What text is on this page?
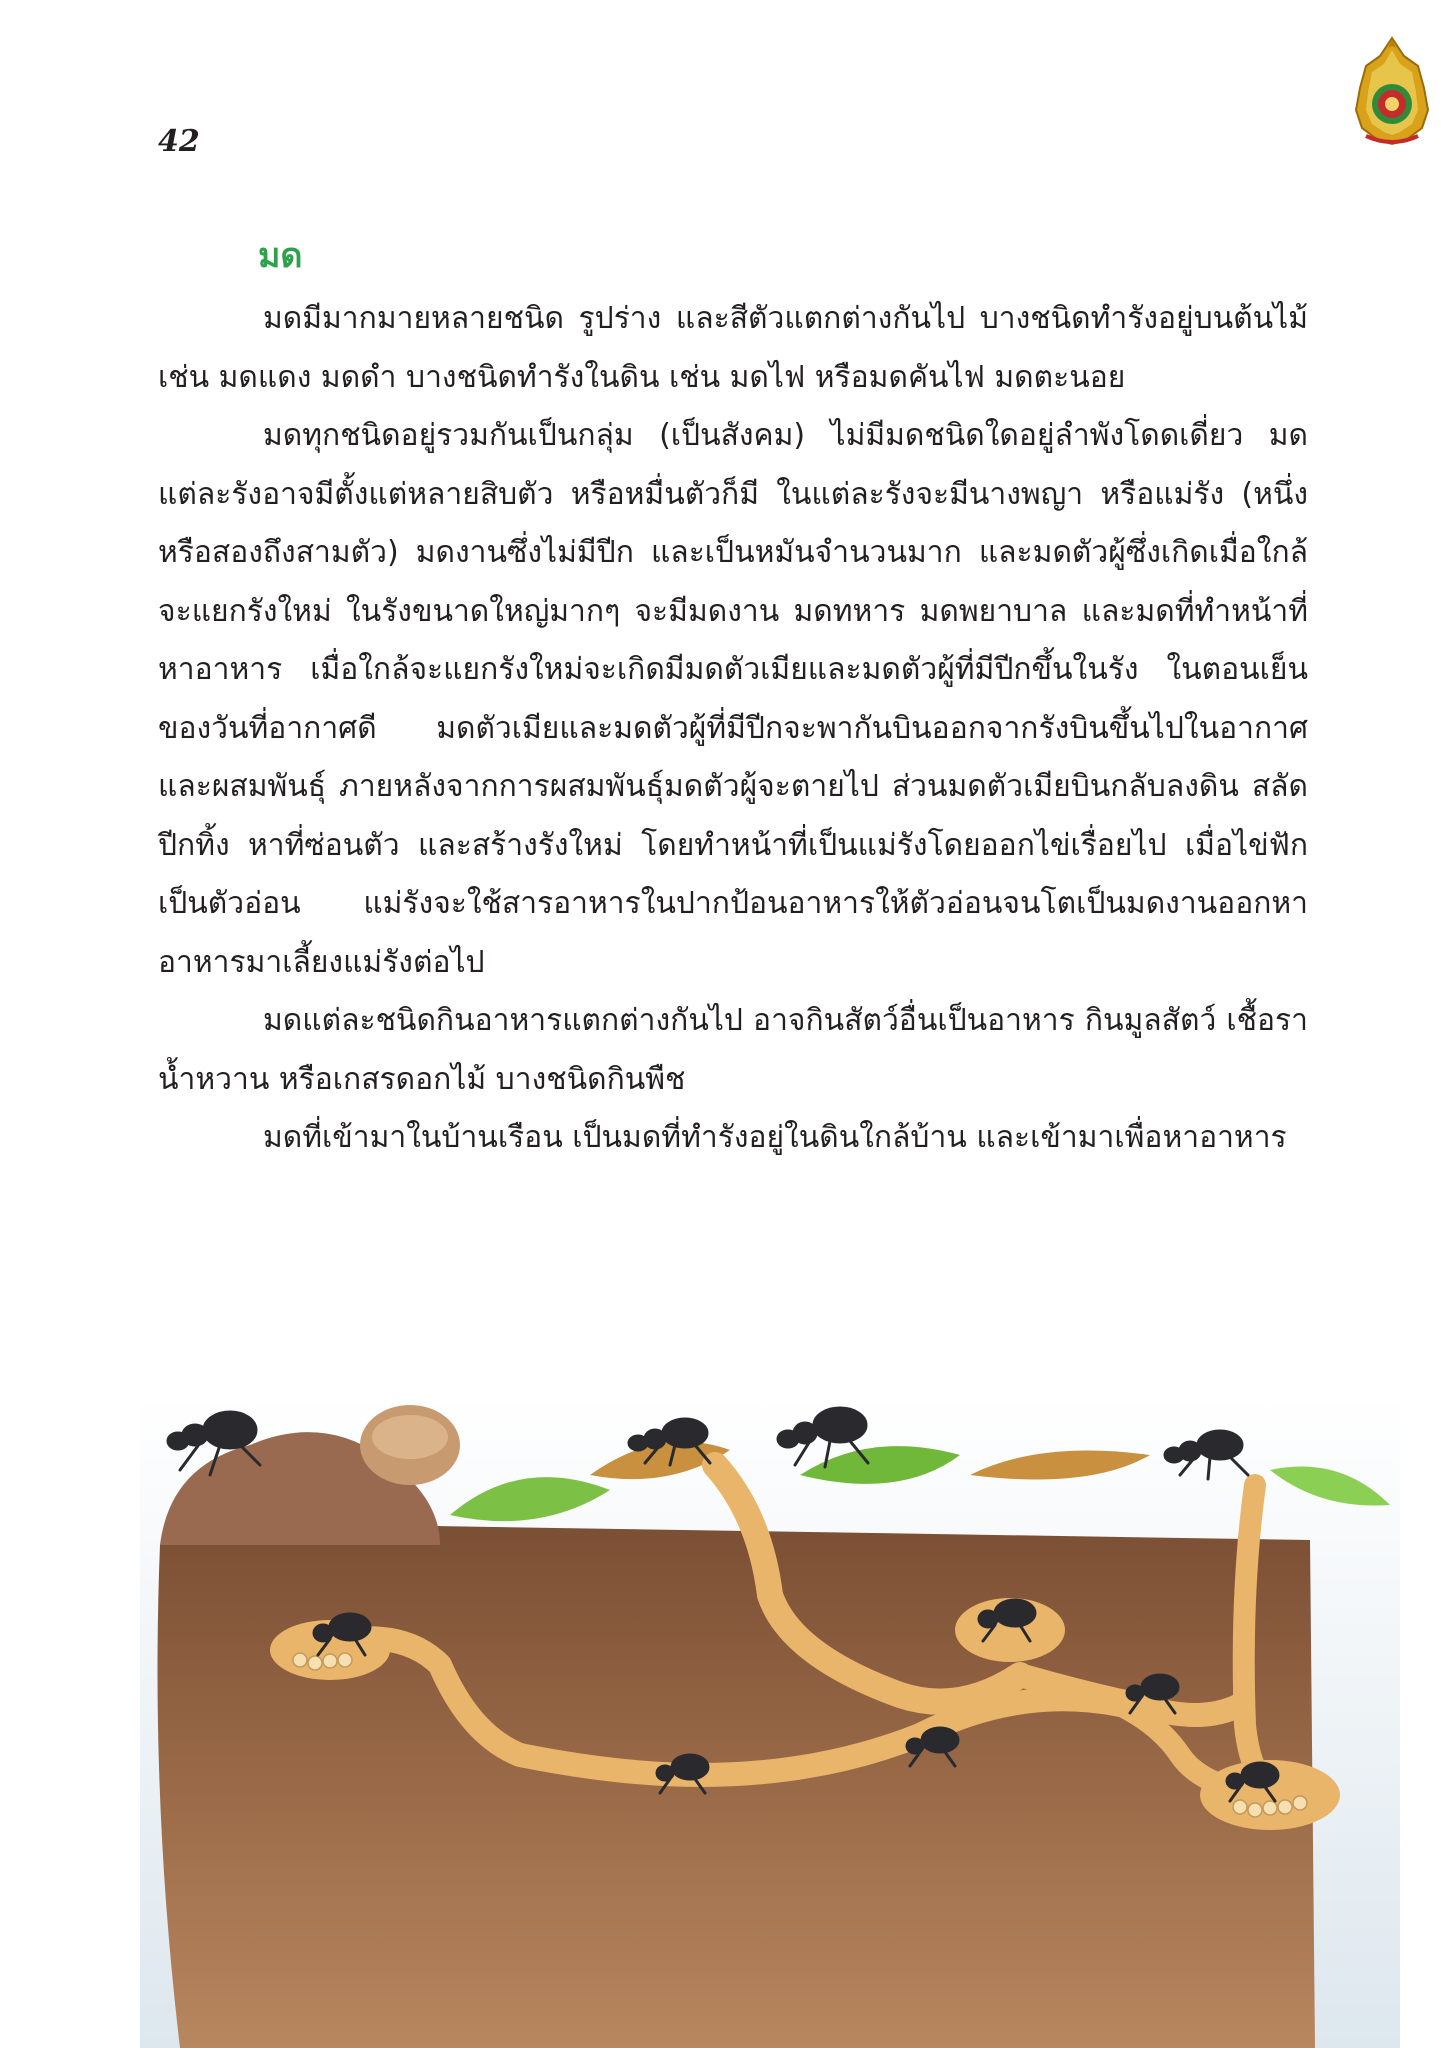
42
มด

มดมีมากมายหลายชนิด รูปร่าง และสีตัวแตกต่างกันไป บางชนิดทำรังอยู่บนต้นไม้ เช่น มดแดง มดดำ บางชนิดทำรังในดิน เช่น มดไฟ หรือมดคันไฟ มดตะนอย

มดทุกชนิดอยู่รวมกันเป็นกลุ่ม (เป็นสังคม) ไม่มีมดชนิดใดอยู่ลำพังโดดเดี่ยว มดแต่ละรังอาจมีตั้งแต่หลายสิบตัว หรือหมื่นตัวก็มี ในแต่ละรังจะมีนางพญา หรือแม่รัง (หนึ่งหรือสองถึงสามตัว) มดงานซึ่งไม่มีปีก และเป็นหมันจำนวนมาก และมดตัวผู้ซึ่งเกิดเมื่อใกล้จะแยกรังใหม่ ในรังขนาดใหญ่มากๆ จะมีมดงาน มดทหาร มดพยาบาล และมดที่ทำหน้าที่หาอาหาร เมื่อใกล้จะแยกรังใหม่จะเกิดมีมดตัวเมียและมดตัวผู้ที่มีปีกขึ้นในรัง ในตอนเย็นของวันที่อากาศดี มดตัวเมียและมดตัวผู้ที่มีปีกจะพากันบินออกจากรังบินขึ้นไปในอากาศและผสมพันธุ์ ภายหลังจากการผสมพันธุ์มดตัวผู้จะตายไป ส่วนมดตัวเมียบินกลับลงดิน สลัดปีกทิ้ง หาที่ซ่อนตัว และสร้างรังใหม่ โดยทำหน้าที่เป็นแม่รังโดยออกไข่เรื่อยไป เมื่อไข่ฟักเป็นตัวอ่อน แม่รังจะใช้สารอาหารในปากป้อนอาหารให้ตัวอ่อนจนโตเป็นมดงานออกหาอาหารมาเลี้ยงแม่รังต่อไป

มดแต่ละชนิดกินอาหารแตกต่างกันไป อาจกินสัตว์อื่นเป็นอาหาร กินมูลสัตว์ เชื้อรา น้ำหวาน หรือเกสรดอกไม้ บางชนิดกินพืช

มดที่เข้ามาในบ้านเรือน เป็นมดที่ทำรังอยู่ในดินใกล้บ้าน และเข้ามาเพื่อหาอาหาร
